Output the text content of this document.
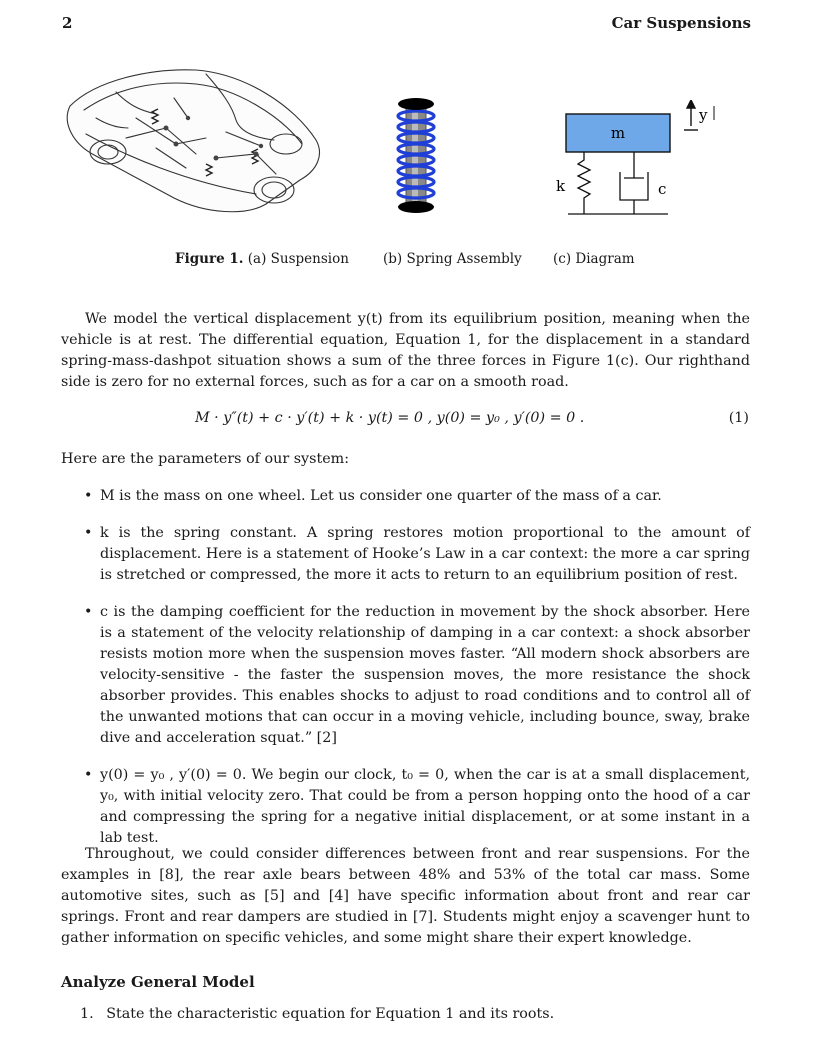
2	Car Suspensions
m
k	c
y
Figure 1. (a) Suspension	(b) Spring Assembly (c) Diagram

We model the vertical displacement y(t) from its equilibrium position, meaning when the vehicle is at rest. The differential equation, Equation 1, for the displacement in a standard spring-mass-dashpot situation shows a sum of the three forces in Figure 1(c). Our righthand side is zero for no external forces, such as for a car on a smooth road.

M · y″(t) + c · y′(t) + k · y(t) = 0 , y(0) = y₀ , y′(0) = 0 .	(1)

Here are the parameters of our system:

• M is the mass on one wheel. Let us consider one quarter of the mass of a car.
• k is the spring constant. A spring restores motion proportional to the amount of displacement. Here is a statement of Hooke’s Law in a car context: the more a car spring is stretched or compressed, the more it acts to return to an equilibrium position of rest.
• c is the damping coefficient for the reduction in movement by the shock absorber. Here is a statement of the velocity relationship of damping in a car context: a shock absorber resists motion more when the suspension moves faster. “All modern shock absorbers are velocity-sensitive - the faster the suspension moves, the more resistance the shock absorber provides. This enables shocks to adjust to road conditions and to control all of the unwanted motions that can occur in a moving vehicle, including bounce, sway, brake dive and acceleration squat.” [2]
• y(0) = y₀ , y′(0) = 0. We begin our clock, t₀ = 0, when the car is at a small displacement, y₀, with initial velocity zero. That could be from a person hopping onto the hood of a car and compressing the spring for a negative initial displacement, or at some instant in a lab test.

Throughout, we could consider differences between front and rear suspensions. For the examples in [8], the rear axle bears between 48% and 53% of the total car mass. Some automotive sites, such as [5] and [4] have specific information about front and rear car springs. Front and rear dampers are studied in [7]. Students might enjoy a scavenger hunt to gather information on specific vehicles, and some might share their expert knowledge.

Analyze General Model
1. State the characteristic equation for Equation 1 and its roots.
